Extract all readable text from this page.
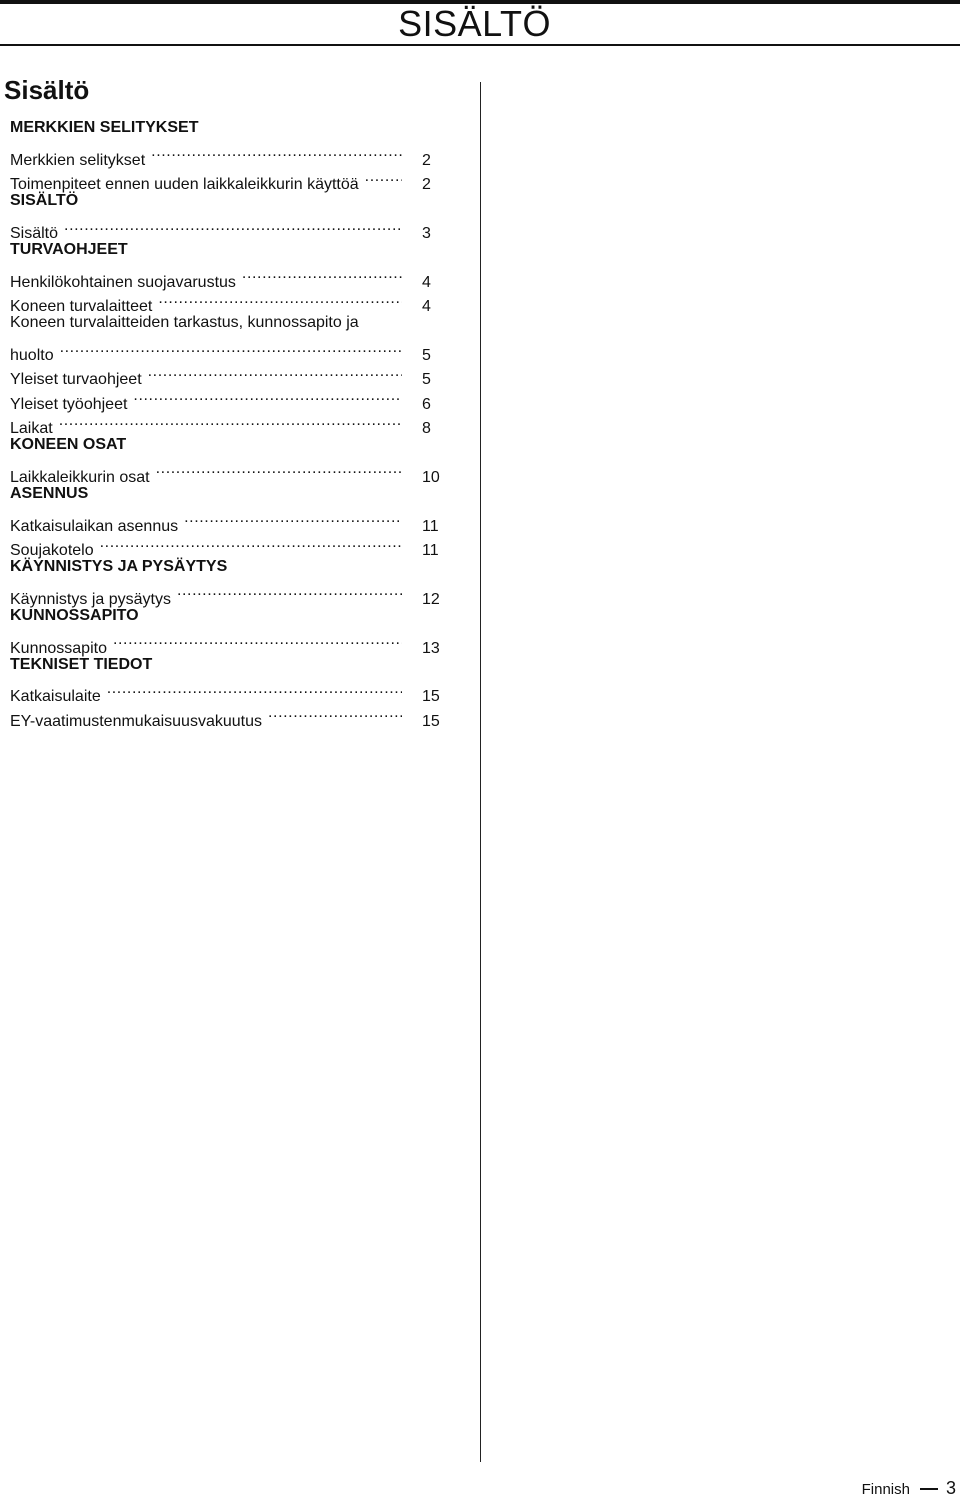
SISÄLTÖ
Sisältö
MERKKIEN SELITYKSET
Merkkien selitykset .....	2
Toimenpiteet ennen uuden laikkaleikkurin käyttöä .....	2
SISÄLTÖ
Sisältö .....	3
TURVAOHJEET
Henkilökohtainen suojavarustus .....	4
Koneen turvalaitteet .....	4
Koneen turvalaitteiden tarkastus, kunnossapito ja
huolto .....	5
Yleiset turvaohjeet .....	5
Yleiset työohjeet .....	6
Laikat .....	8
KONEEN OSAT
Laikkaleikkurin osat .....	10
ASENNUS
Katkaisulaikan asennus .....	11
Soujakotelo .....	11
KÄYNNISTYS JA PYSÄYTYS
Käynnistys ja pysäytys .....	12
KUNNOSSAPITO
Kunnossapito .....	13
TEKNISET TIEDOT
Katkaisulaite .....	15
EY-vaatimustenmukaisuusvakuutus .....	15
Finnish 3
